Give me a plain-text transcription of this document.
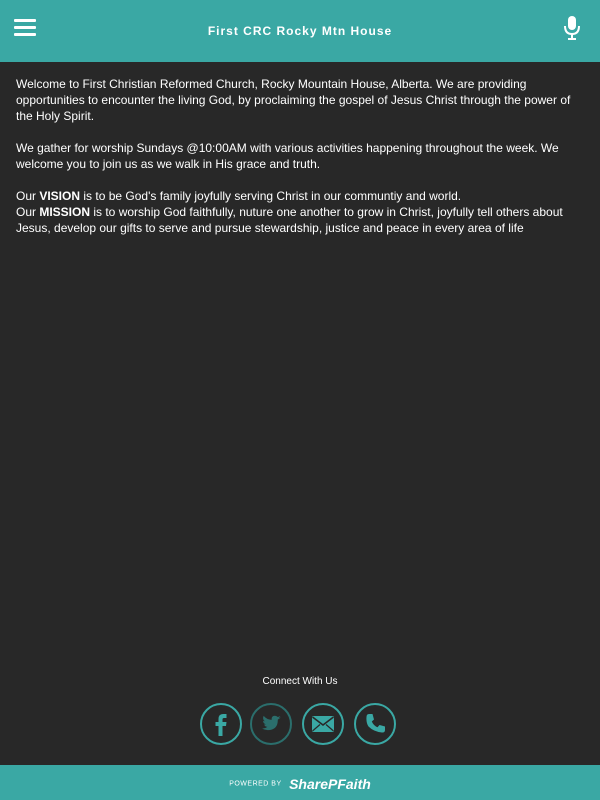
First CRC Rocky Mtn House

Welcome to First Christian Reformed Church, Rocky Mountain House, Alberta. We are providing opportunities to encounter the living God, by proclaiming the gospel of Jesus Christ through the power of the Holy Spirit.

We gather for worship Sundays @10:00AM with various activities happening throughout the week. We welcome you to join us as we walk in His grace and truth.

Our VISION is to be God's family joyfully serving Christ in our communtiy and world.

Our MISSION is to worship God faithfully, nuture one another to grow in Christ, joyfully tell others about Jesus, develop our gifts to serve and pursue stewardship, justice and peace in every area of life

Connect With Us
POWERED BY SharePFaith
